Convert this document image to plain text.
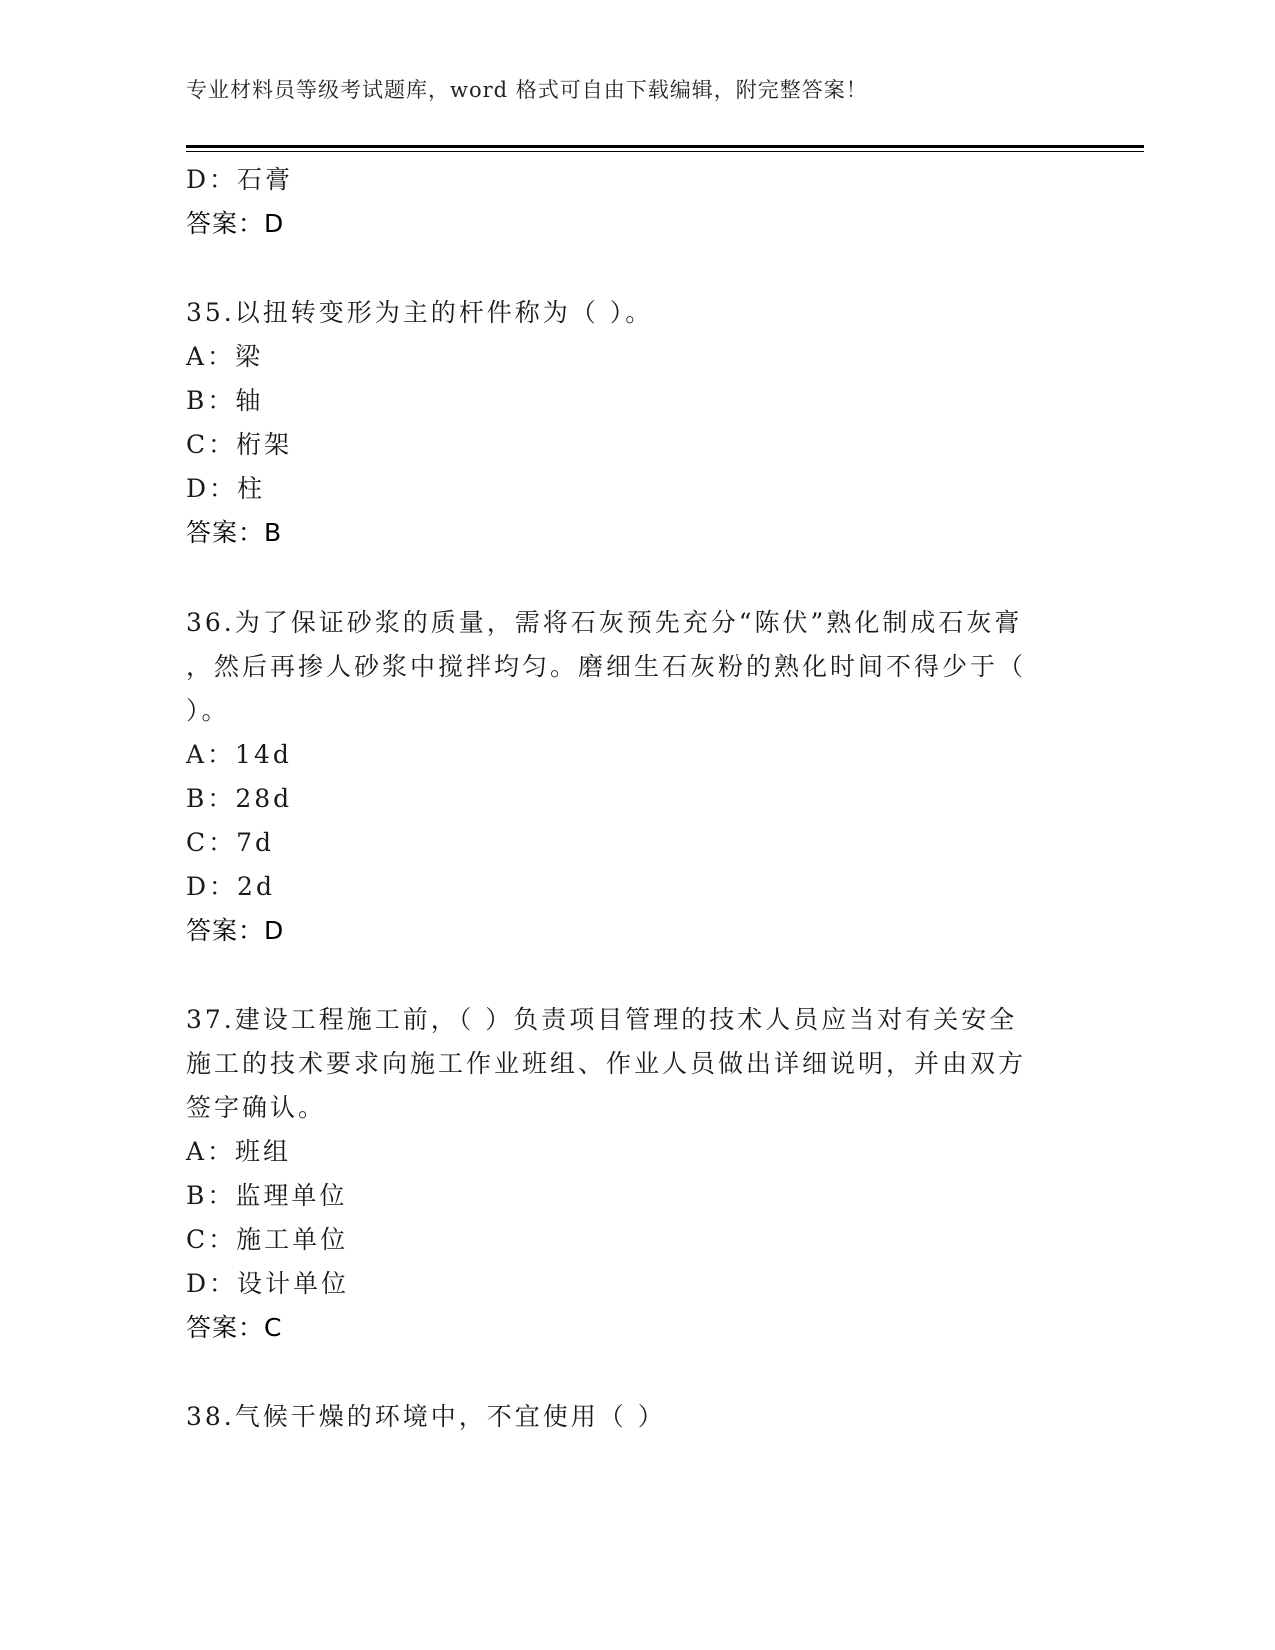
专业材料员等级考试题库，word 格式可自由下载编辑，附完整答案！
D：石膏
答案：D
35.以扭转变形为主的杆件称为（ ）。
A：梁
B：轴
C：桁架
D：柱
答案：B
36.为了保证砂浆的质量，需将石灰预先充分“陈伏”熟化制成石灰膏
，然后再掺人砂浆中搅拌均匀。磨细生石灰粉的熟化时间不得少于（
）。
A：14d
B：28d
C：7d
D：2d
答案：D
37.建设工程施工前，（ ）负责项目管理的技术人员应当对有关安全
施工的技术要求向施工作业班组、作业人员做出详细说明，并由双方
签字确认。
A：班组
B：监理单位
C：施工单位
D：设计单位
答案：C
38.气候干燥的环境中，不宜使用（ ）
